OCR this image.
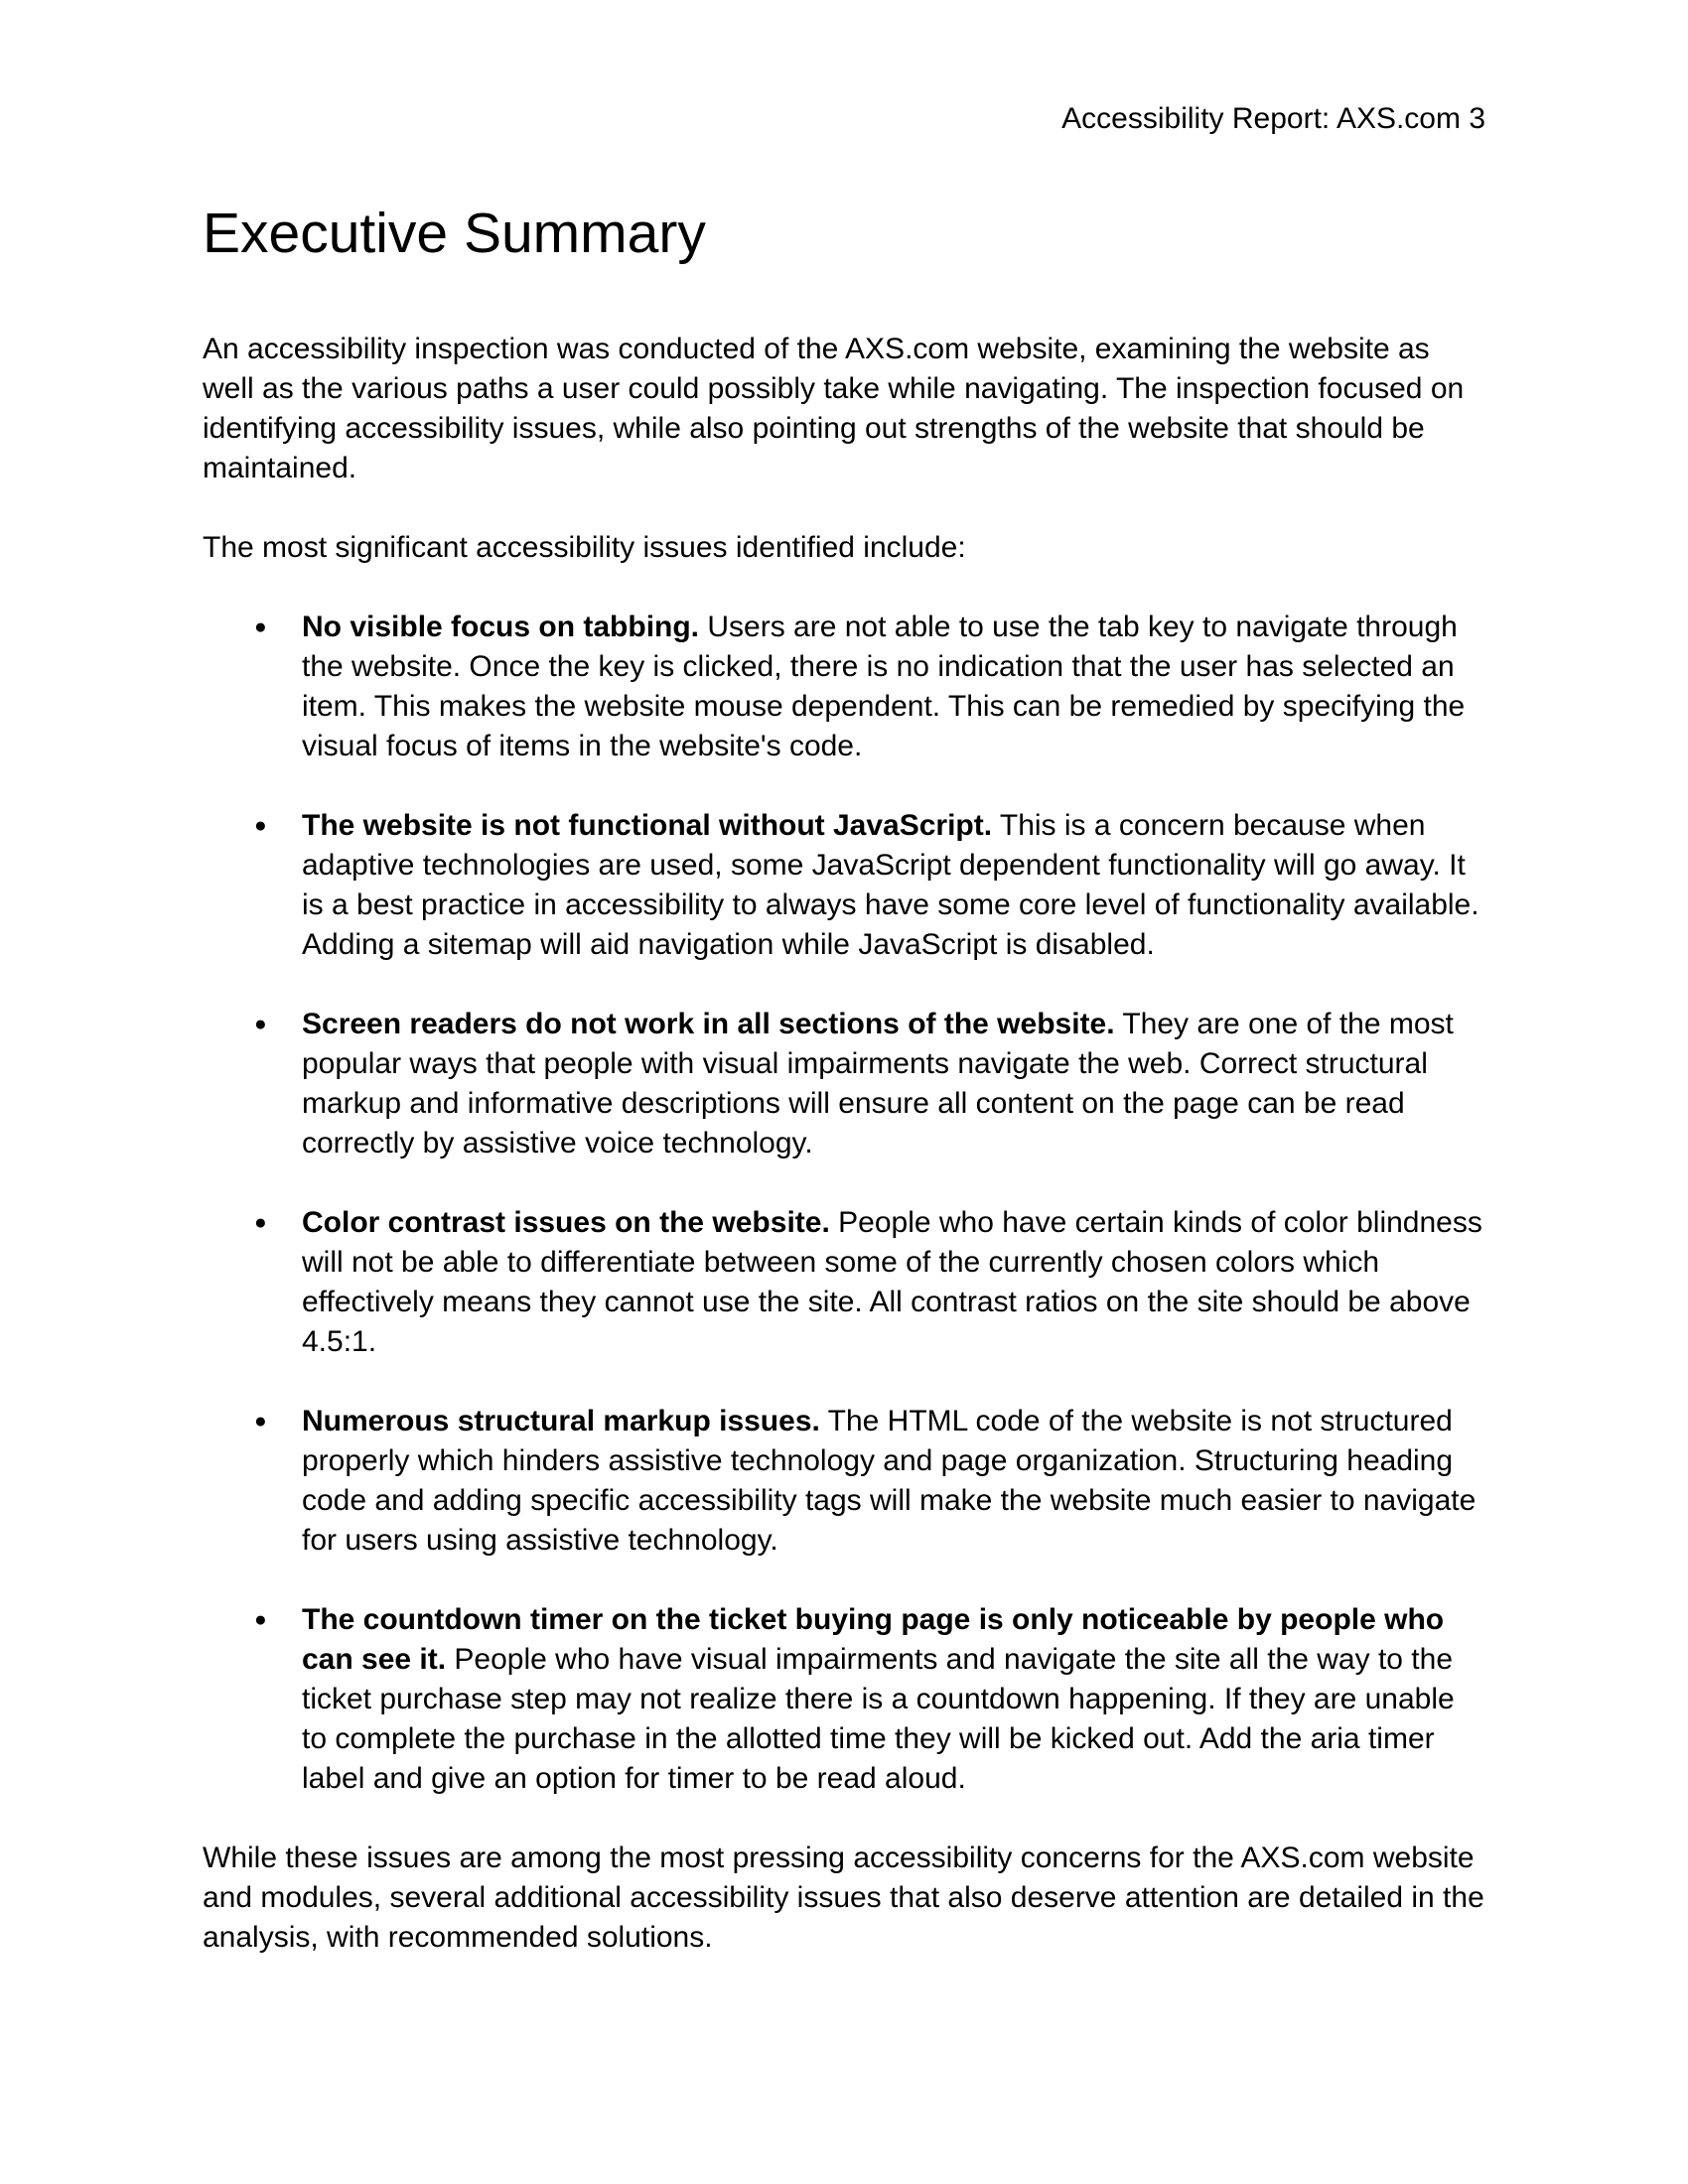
Accessibility Report: AXS.com 3
Executive Summary

An accessibility inspection was conducted of the AXS.com website, examining the website as well as the various paths a user could possibly take while navigating. The inspection focused on identifying accessibility issues, while also pointing out strengths of the website that should be maintained.

The most significant accessibility issues identified include:

● No visible focus on tabbing. Users are not able to use the tab key to navigate through the website. Once the key is clicked, there is no indication that the user has selected an item. This makes the website mouse dependent. This can be remedied by specifying the visual focus of items in the website's code.
● The website is not functional without JavaScript. This is a concern because when adaptive technologies are used, some JavaScript dependent functionality will go away. It is a best practice in accessibility to always have some core level of functionality available. Adding a sitemap will aid navigation while JavaScript is disabled.
● Screen readers do not work in all sections of the website. They are one of the most popular ways that people with visual impairments navigate the web. Correct structural markup and informative descriptions will ensure all content on the page can be read correctly by assistive voice technology.
● Color contrast issues on the website. People who have certain kinds of color blindness will not be able to differentiate between some of the currently chosen colors which effectively means they cannot use the site. All contrast ratios on the site should be above 4.5:1.
● Numerous structural markup issues. The HTML code of the website is not structured properly which hinders assistive technology and page organization. Structuring heading code and adding specific accessibility tags will make the website much easier to navigate for users using assistive technology.
● The countdown timer on the ticket buying page is only noticeable by people who can see it. People who have visual impairments and navigate the site all the way to the ticket purchase step may not realize there is a countdown happening. If they are unable to complete the purchase in the allotted time they will be kicked out. Add the aria timer label and give an option for timer to be read aloud.

While these issues are among the most pressing accessibility concerns for the AXS.com website and modules, several additional accessibility issues that also deserve attention are detailed in the analysis, with recommended solutions.
